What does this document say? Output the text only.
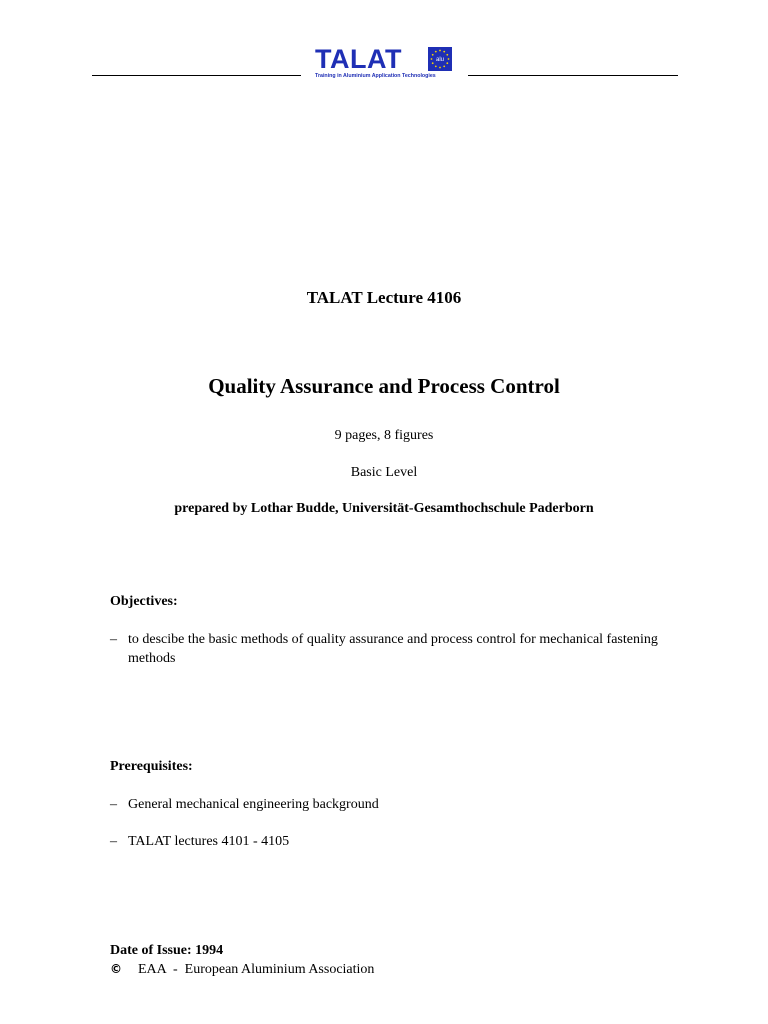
TALAT	alu
Training in Aluminium Application Technologies
TALAT Lecture 4106
Quality Assurance and Process Control
9 pages, 8 figures
Basic Level
prepared by Lothar Budde, Universität-Gesamthochschule Paderborn
Objectives:
– to descibe the basic methods of quality assurance and process control for mechanical fastening methods
Prerequisites:
– General mechanical engineering background
– TALAT lectures 4101 - 4105
Date of Issue: 1994
© EAA  -  European Aluminium Association
